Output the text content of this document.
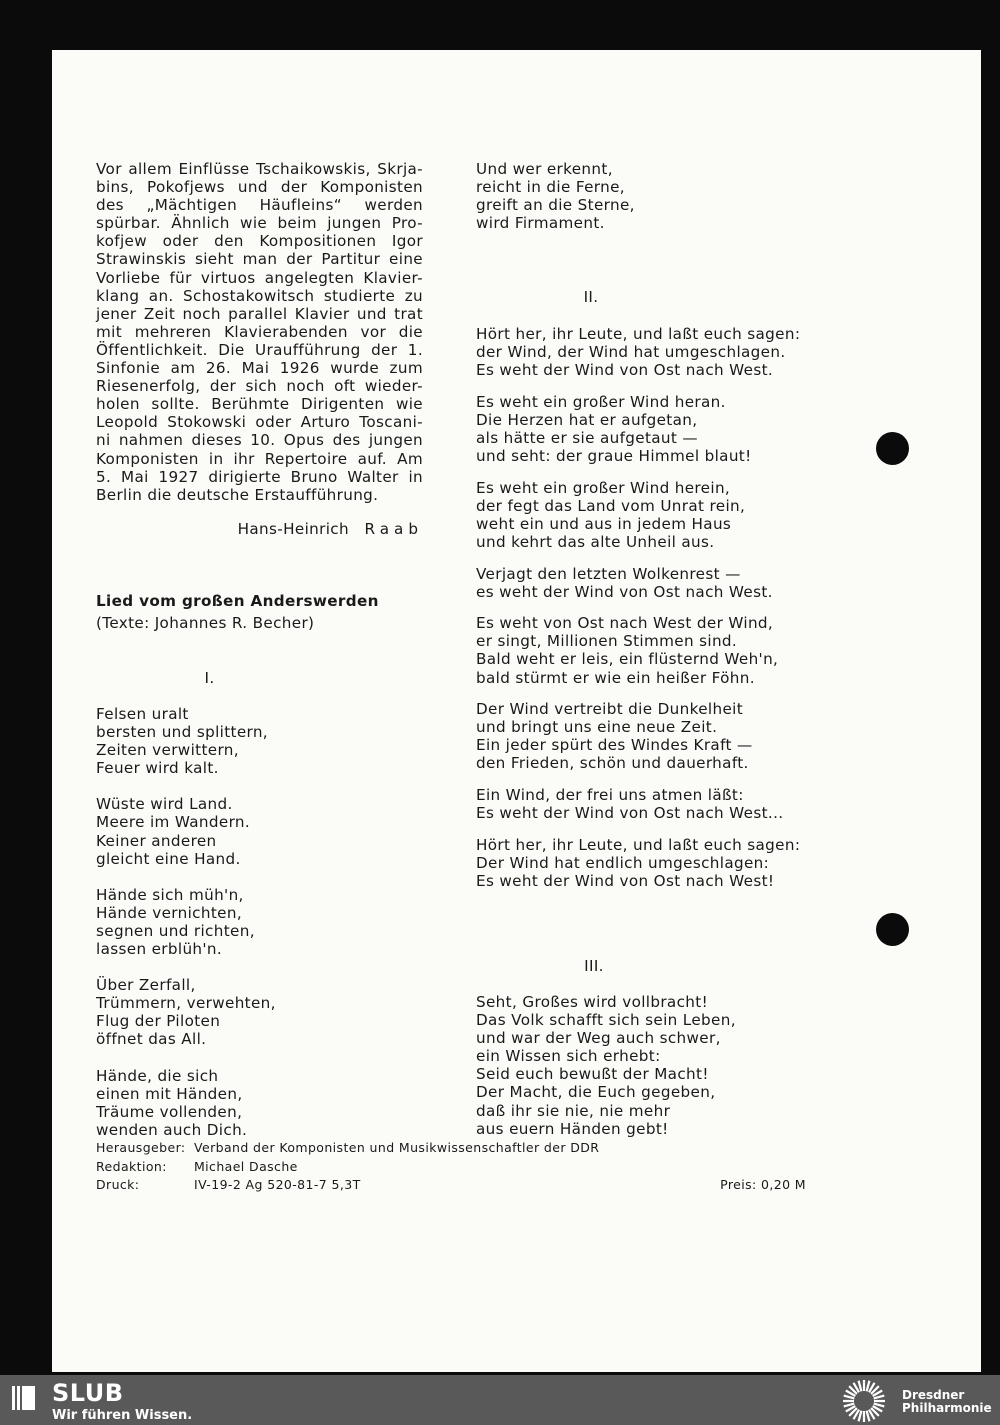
Vor allem Einflüsse Tschaikowskis, Skrja-
bins, Pokofjews und der Komponisten
des „Mächtigen Häufleins“ werden
spürbar. Ähnlich wie beim jungen Pro-
kofjew oder den Kompositionen Igor
Strawinskis sieht man der Partitur eine
Vorliebe für virtuos angelegten Klavier-
klang an. Schostakowitsch studierte zu
jener Zeit noch parallel Klavier und trat
mit mehreren Klavierabenden vor die
Öffentlichkeit. Die Uraufführung der 1.
Sinfonie am 26. Mai 1926 wurde zum
Riesenerfolg, der sich noch oft wieder-
holen sollte. Berühmte Dirigenten wie
Leopold Stokowski oder Arturo Toscani-
ni nahmen dieses 10. Opus des jungen
Komponisten in ihr Repertoire auf. Am
5. Mai 1927 dirigierte Bruno Walter in
Berlin die deutsche Erstaufführung.
Hans-Heinrich Raab
Lied vom großen Anderswerden
(Texte: Johannes R. Becher)
I.
Felsen uralt
bersten und splittern,
Zeiten verwittern,
Feuer wird kalt.
Wüste wird Land.
Meere im Wandern.
Keiner anderen
gleicht eine Hand.
Hände sich müh'n,
Hände vernichten,
segnen und richten,
lassen erblüh'n.
Über Zerfall,
Trümmern, verwehten,
Flug der Piloten
öffnet das All.
Hände, die sich
einen mit Händen,
Träume vollenden,
wenden auch Dich.
Und wer erkennt,
reicht in die Ferne,
greift an die Sterne,
wird Firmament.
II.
Hört her, ihr Leute, und laßt euch sagen:
der Wind, der Wind hat umgeschlagen.
Es weht der Wind von Ost nach West.
Es weht ein großer Wind heran.
Die Herzen hat er aufgetan,
als hätte er sie aufgetaut —
und seht: der graue Himmel blaut!
Es weht ein großer Wind herein,
der fegt das Land vom Unrat rein,
weht ein und aus in jedem Haus
und kehrt das alte Unheil aus.
Verjagt den letzten Wolkenrest —
es weht der Wind von Ost nach West.
Es weht von Ost nach West der Wind,
er singt, Millionen Stimmen sind.
Bald weht er leis, ein flüsternd Weh'n,
bald stürmt er wie ein heißer Föhn.
Der Wind vertreibt die Dunkelheit
und bringt uns eine neue Zeit.
Ein jeder spürt des Windes Kraft —
den Frieden, schön und dauerhaft.
Ein Wind, der frei uns atmen läßt:
Es weht der Wind von Ost nach West...
Hört her, ihr Leute, und laßt euch sagen:
Der Wind hat endlich umgeschlagen:
Es weht der Wind von Ost nach West!
III.
Seht, Großes wird vollbracht!
Das Volk schafft sich sein Leben,
und war der Weg auch schwer,
ein Wissen sich erhebt:
Seid euch bewußt der Macht!
Der Macht, die Euch gegeben,
daß ihr sie nie, nie mehr
aus euern Händen gebt!
Herausgeber: Verband der Komponisten und Musikwissenschaftler der DDR
Redaktion: Michael Dasche
Druck:	IV-19-2 Ag 520-81-7 5,3T	Preis: 0,20 M
SLUB
Wir führen Wissen.
Dresdner
Philharmonie
